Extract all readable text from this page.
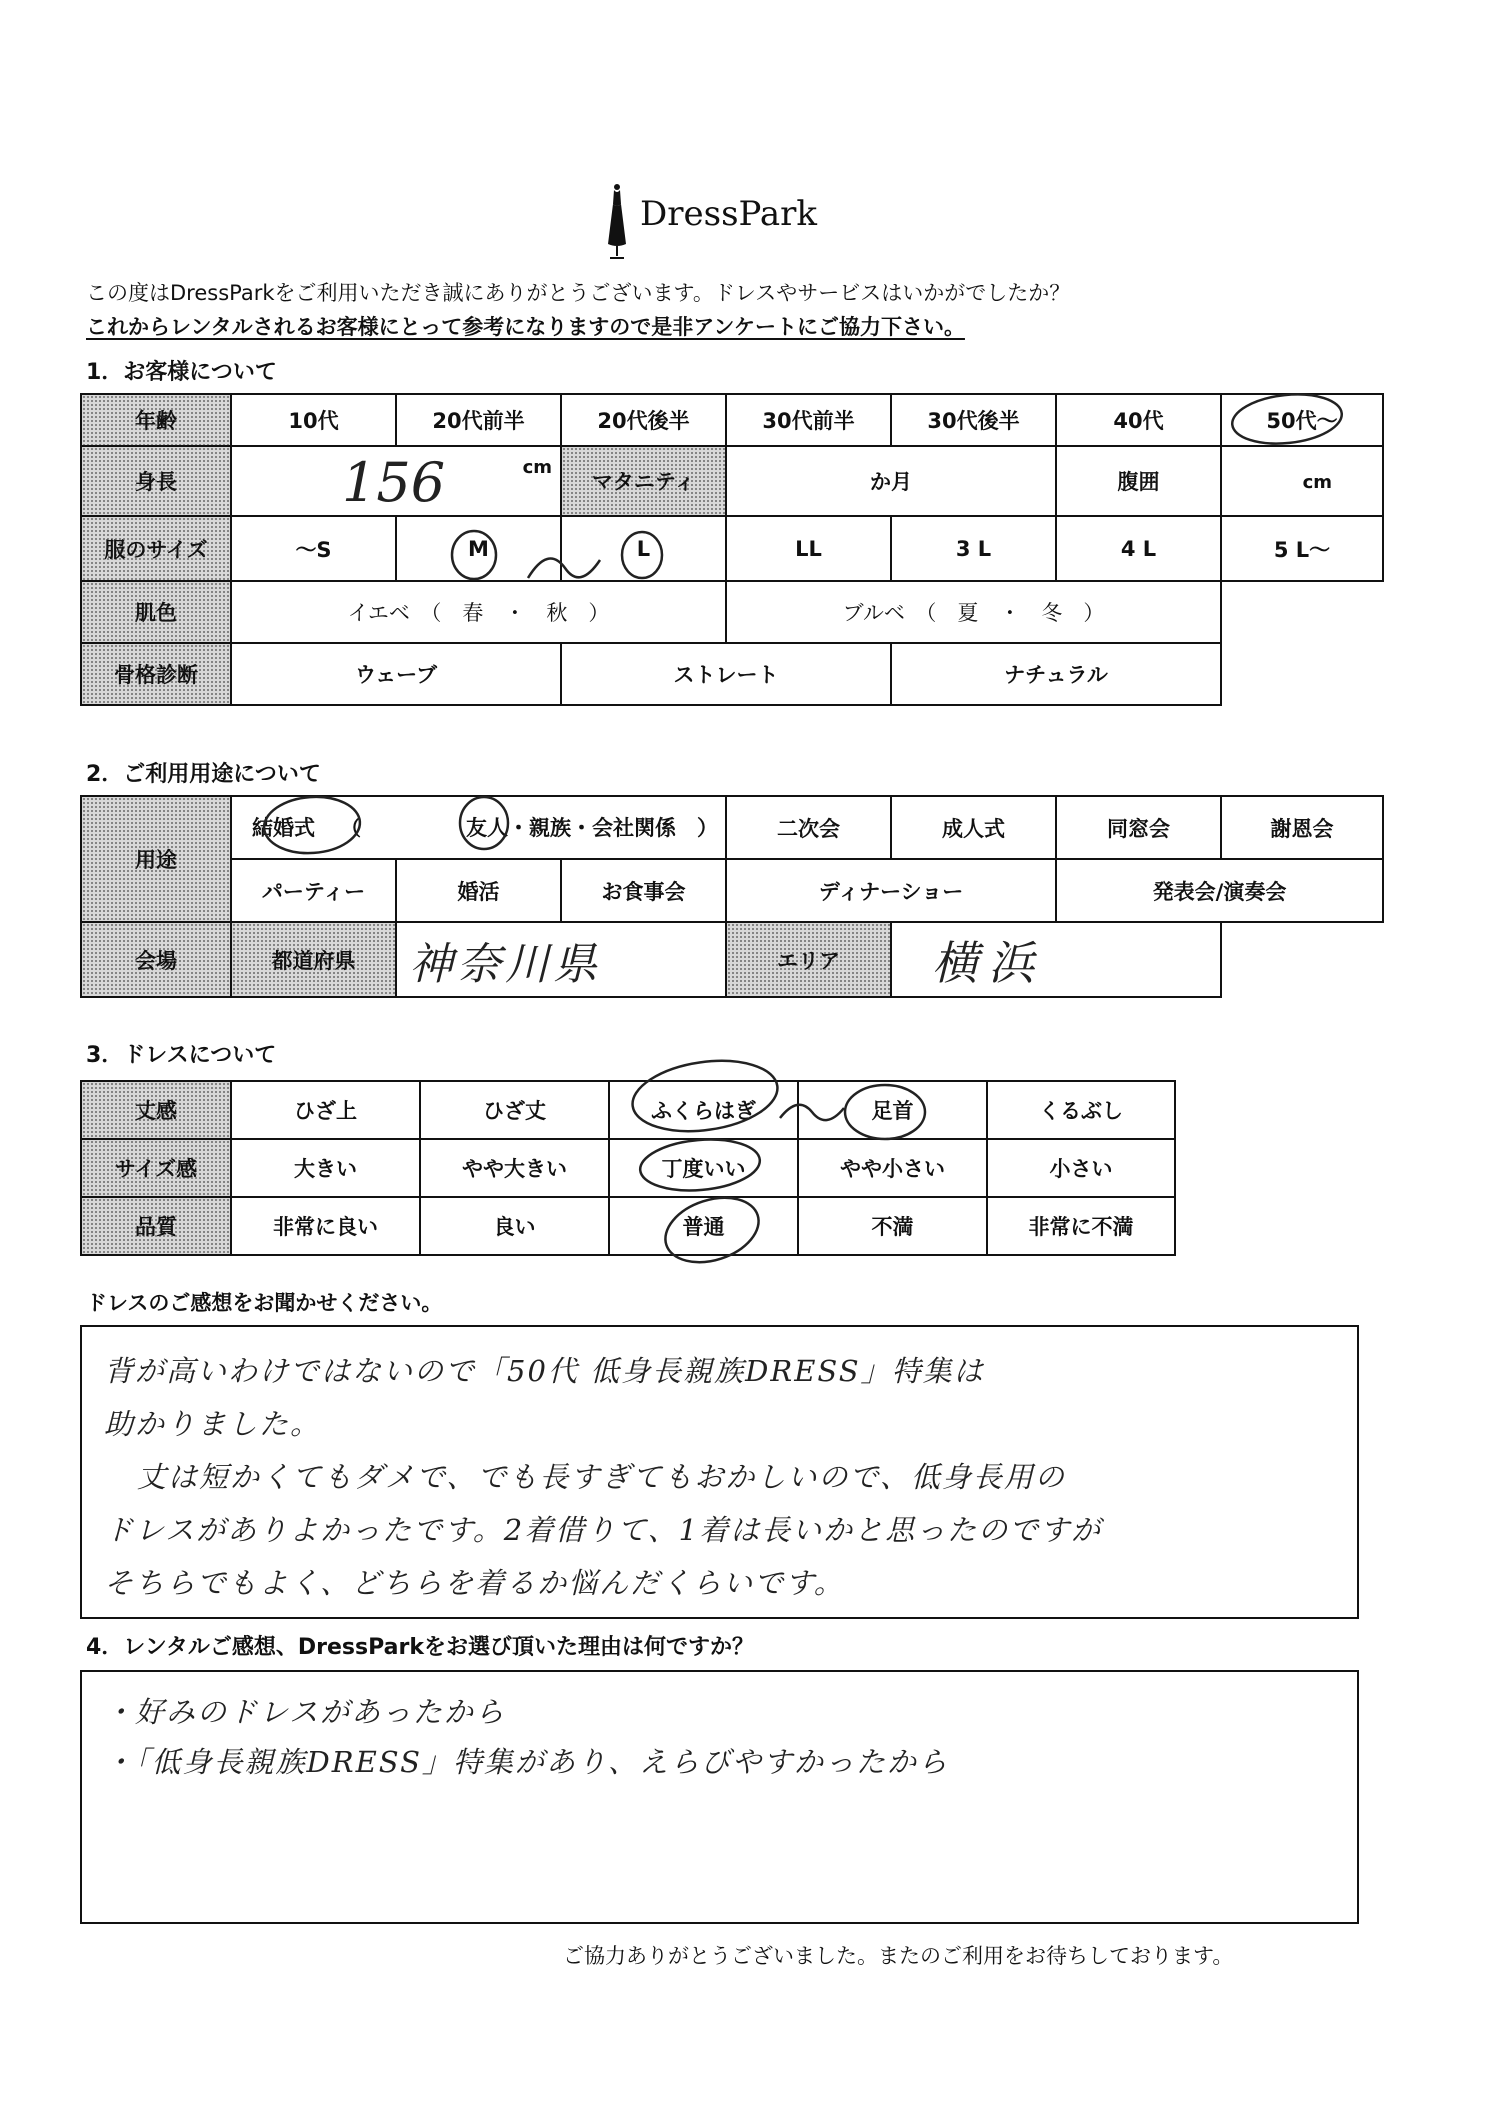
DressPark
この度はDressParkをご利用いただき誠にありがとうございます。ドレスやサービスはいかがでしたか？
これからレンタルされるお客様にとって参考になりますので是非アンケートにご協力下さい。
1．お客様について
年齢	10代	20代前半	20代後半	30代前半	30代後半	40代	50代～
身長	156 cm		マタニティ	か月		腹囲	cm
服のサイズ	～S	M	L	LL	3 L	4 L	5 L～
肌色	イエベ　（　春　・　秋　）			ブルベ　（　夏　・　冬　）			
骨格診断	ウェーブ		ストレート		ナチュラル		
2．ご利用用途について
用途	結婚式 （　　　　　友人・親族・会社関係　）			二次会	成人式	同窓会	謝恩会
	パーティー	婚活	お食事会	ディナーショー		発表会/演奏会	
会場	都道府県	神奈川県		エリア	横浜		
3．ドレスについて
丈感	ひざ上	ひざ丈	ふくらはぎ	足首	くるぶし
サイズ感	大きい	やや大きい	丁度いい	やや小さい	小さい
品質	非常に良い	良い	普通	不満	非常に不満
ドレスのご感想をお聞かせください。
背が高いわけではないので「50代 低身長親族DRESS」特集は
助かりました。
丈は短かくてもダメで、でも長すぎてもおかしいので、低身長用の
ドレスがありよかったです。2着借りて、1着は長いかと思ったのですが
そちらでもよく、どちらを着るか悩んだくらいです。
4．レンタルご感想、DressParkをお選び頂いた理由は何ですか？
・好みのドレスがあったから
・「低身長親族DRESS」特集があり、えらびやすかったから
ご協力ありがとうございました。またのご利用をお待ちしております。
